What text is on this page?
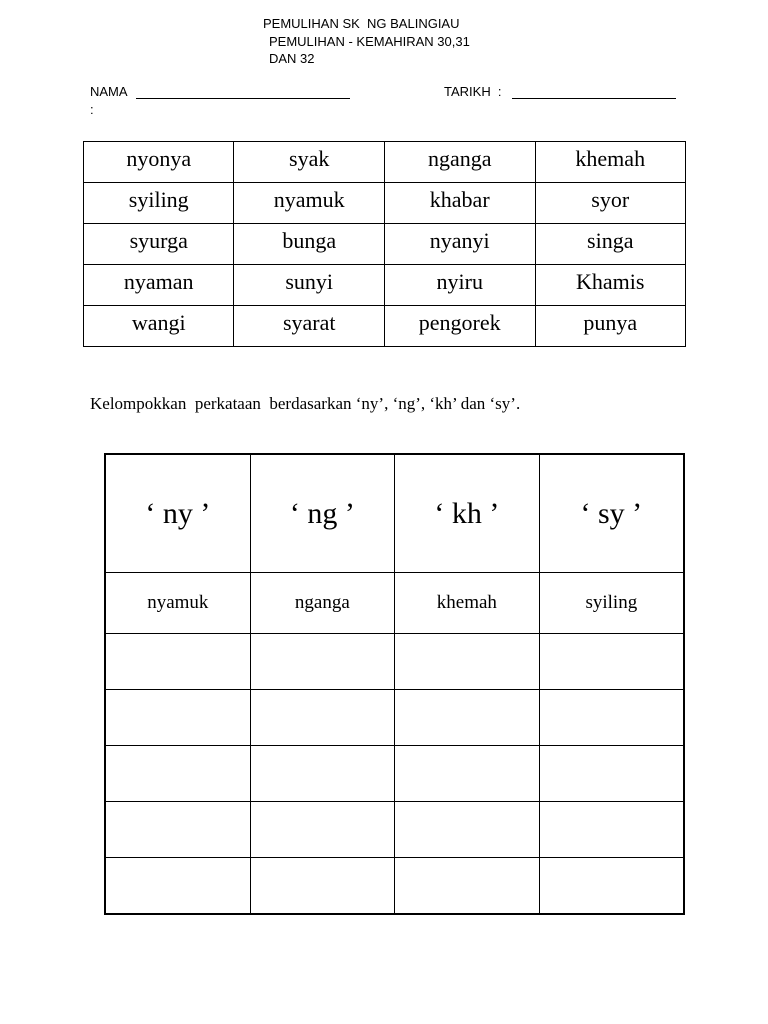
PEMULIHAN SK  NG BALINGIAU
PEMULIHAN - KEMAHIRAN 30,31
DAN 32
NAMA
:
TARIKH  :
nyonya	syak	nganga	khemah
syiling	nyamuk	khabar	syor
syurga	bunga	nyanyi	singa
nyaman	sunyi	nyiru	Khamis
wangi	syarat	pengorek	punya
Kelompokkan  perkataan  berdasarkan ‘ny’, ‘ng’, ‘kh’ dan ‘sy’.
‘ ny ’	‘ ng ’	‘ kh ’	‘ sy ’
nyamuk	nganga	khemah	syiling
